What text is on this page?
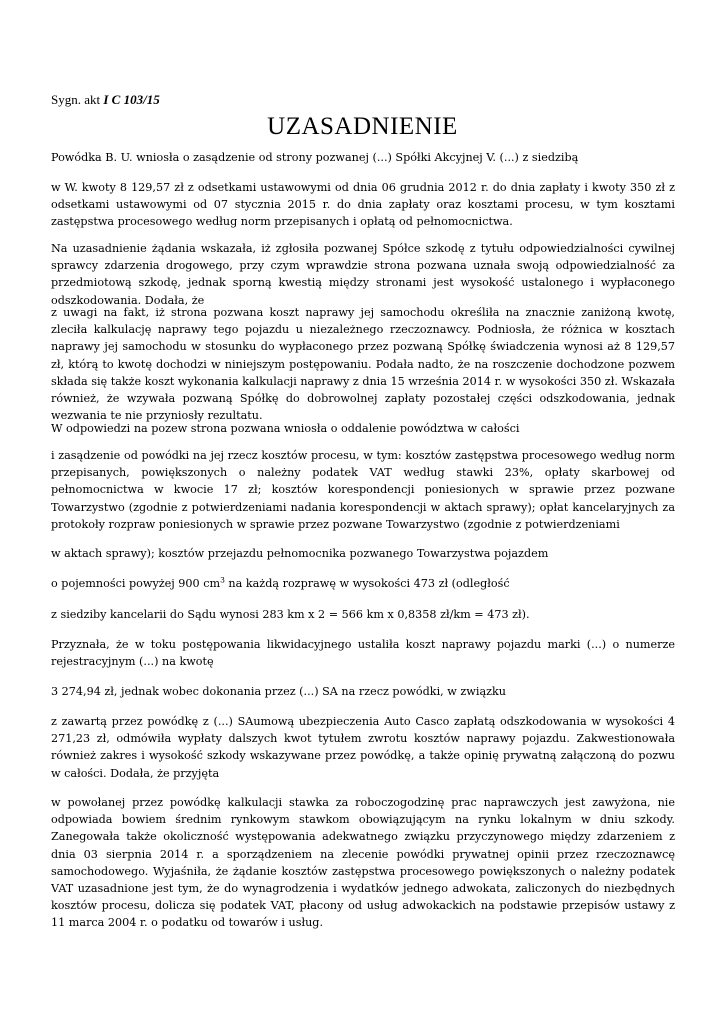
Sygn. akt I C 103/15
UZASADNIENIE

Powódka B. U. wniosła o zasądzenie od strony pozwanej (...) Spółki Akcyjnej V. (...) z siedzibą

w W. kwoty 8 129,57 zł z odsetkami ustawowymi od dnia 06 grudnia 2012 r. do dnia zapłaty i kwoty 350 zł z odsetkami ustawowymi od 07 stycznia 2015 r. do dnia zapłaty oraz kosztami procesu, w tym kosztami zastępstwa procesowego według norm przepisanych i opłatą od pełnomocnictwa.

Na uzasadnienie żądania wskazała, iż zgłosiła pozwanej Spółce szkodę z tytułu odpowiedzialności cywilnej sprawcy zdarzenia drogowego, przy czym wprawdzie strona pozwana uznała swoją odpowiedzialność za przedmiotową szkodę, jednak sporną kwestią między stronami jest wysokość ustalonego i wypłaconego odszkodowania. Dodała, że

z uwagi na fakt, iż strona pozwana koszt naprawy jej samochodu określiła na znacznie zaniżoną kwotę, zleciła kalkulację naprawy tego pojazdu u niezależnego rzeczoznawcy. Podniosła, że różnica w kosztach naprawy jej samochodu w stosunku do wypłaconego przez pozwaną Spółkę świadczenia wynosi aż 8 129,57 zł, którą to kwotę dochodzi w niniejszym postępowaniu. Podała nadto, że na roszczenie dochodzone pozwem składa się także koszt wykonania kalkulacji naprawy z dnia 15 września 2014 r. w wysokości 350 zł. Wskazała również, że wzywała pozwaną Spółkę do dobrowolnej zapłaty pozostałej części odszkodowania, jednak wezwania te nie przyniosły rezultatu.

W odpowiedzi na pozew strona pozwana wniosła o oddalenie powództwa w całości

i zasądzenie od powódki na jej rzecz kosztów procesu, w tym: kosztów zastępstwa procesowego według norm przepisanych, powiększonych o należny podatek VAT według stawki 23%, opłaty skarbowej od pełnomocnictwa w kwocie 17 zł; kosztów korespondencji poniesionych w sprawie przez pozwane Towarzystwo (zgodnie z potwierdzeniami nadania korespondencji w aktach sprawy); opłat kancelaryjnych za protokoły rozpraw poniesionych w sprawie przez pozwane Towarzystwo (zgodnie z potwierdzeniami

w aktach sprawy); kosztów przejazdu pełnomocnika pozwanego Towarzystwa pojazdem

o pojemności powyżej 900 $cm^3$ na każdą rozprawę w wysokości 473 zł (odległość

z siedziby kancelarii do Sądu wynosi 283 km x 2 = 566 km x 0,8358 zł/km = 473 zł).

Przyznała, że w toku postępowania likwidacyjnego ustaliła koszt naprawy pojazdu marki (...) o numerze rejestracyjnym (...) na kwotę

3 274,94 zł, jednak wobec dokonania przez (...) SA na rzecz powódki, w związku

z zawartą przez powódkę z (...) SAumową ubezpieczenia Auto Casco zapłatą odszkodowania w wysokości 4 271,23 zł, odmówiła wypłaty dalszych kwot tytułem zwrotu kosztów naprawy pojazdu. Zakwestionowała również zakres i wysokość szkody wskazywane przez powódkę, a także opinię prywatną załączoną do pozwu w całości. Dodała, że przyjęta

w powołanej przez powódkę kalkulacji stawka za roboczogodzinę prac naprawczych jest zawyżona, nie odpowiada bowiem średnim rynkowym stawkom obowiązującym na rynku lokalnym w dniu szkody. Zanegowała także okoliczność występowania adekwatnego związku przyczynowego między zdarzeniem z dnia 03 sierpnia 2014 r. a sporządzeniem na zlecenie powódki prywatnej opinii przez rzeczoznawcę samochodowego. Wyjaśniła, że żądanie kosztów zastępstwa procesowego powiększonych o należny podatek VAT uzasadnione jest tym, że do wynagrodzenia i wydatków jednego adwokata, zaliczonych do niezbędnych kosztów procesu, dolicza się podatek VAT, płacony od usług adwokackich na podstawie przepisów ustawy z 11 marca 2004 r. o podatku od towarów i usług.
